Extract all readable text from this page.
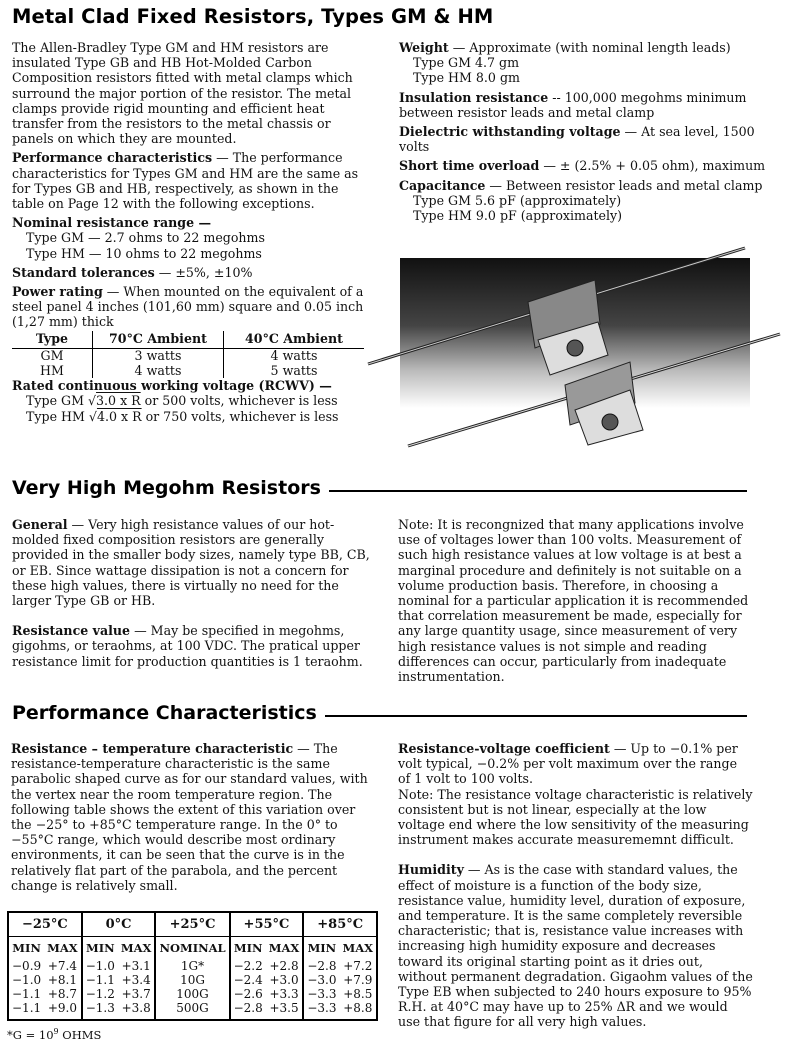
Metal Clad Fixed Resistors, Types GM & HM

The Allen-Bradley Type GM and HM resistors are insulated Type GB and HB Hot-Molded Carbon Composition resistors fitted with metal clamps which surround the major portion of the resistor. The metal clamps provide rigid mounting and efficient heat transfer from the resistors to the metal chassis or panels on which they are mounted.

Performance characteristics — The performance characteristics for Types GM and HM are the same as for Types GB and HB, respectively, as shown in the table on Page 12 with the following exceptions.

Nominal resistance range —
Type GM — 2.7 ohms to 22 megohms
Type HM — 10 ohms to 22 megohms

Standard tolerances — ±5%, ±10%

Power rating — When mounted on the equivalent of a steel panel 4 inches (101,60 mm) square and 0.05 inch (1,27 mm) thick

Type	70°C Ambient	40°C Ambient
GM	3 watts	4 watts
HM	4 watts	5 watts
Rated continuous working voltage (RCWV) —
Type GM √3.0 x R or 500 volts, whichever is less
Type HM √4.0 x R or 750 volts, whichever is less
Weight — Approximate (with nominal length leads)
Type GM 4.7 gm
Type HM 8.0 gm

Insulation resistance -- 100,000 megohms minimum between resistor leads and metal clamp

Dielectric withstanding voltage — At sea level, 1500 volts

Short time overload — ± (2.5% + 0.05 ohm), maximum

Capacitance — Between resistor leads and metal clamp
Type GM 5.6 pF (approximately)
Type HM 9.0 pF (approximately)
Very High Megohm Resistors

General — Very high resistance values of our hot-molded fixed composition resistors are generally provided in the smaller body sizes, namely type BB, CB, or EB. Since wattage dissipation is not a concern for these high values, there is virtually no need for the larger Type GB or HB.

Resistance value — May be specified in megohms, gigohms, or teraohms, at 100 VDC. The pratical upper resistance limit for production quantities is 1 teraohm.

Note: It is recongnized that many applications involve use of voltages lower than 100 volts. Measurement of such high resistance values at low voltage is at best a marginal procedure and definitely is not suitable on a volume production basis. Therefore, in choosing a nominal for a particular application it is recommended that correlation measurement be made, especially for any large quantity usage, since measurement of very high resistance values is not simple and reading differences can occur, particularly from inadequate instrumentation.

Performance Characteristics

Resistance – temperature characteristic — The resistance-temperature characteristic is the same parabolic shaped curve as for our standard values, with the vertex near the room temperature region. The following table shows the extent of this variation over the −25° to +85°C temperature range. In the 0° to −55°C range, which would describe most ordinary environments, it can be seen that the curve is in the relatively flat part of the parabola, and the percent change is relatively small.

−25°C		0°C		+25°C	+55°C		+85°C	
MIN	MAX	MIN	MAX	NOMINAL	MIN	MAX	MIN	MAX
−0.9	+7.4	−1.0	+3.1	1G*	−2.2	+2.8	−2.8	+7.2
−1.0	+8.1	−1.1	+3.4	10G	−2.4	+3.0	−3.0	+7.9
−1.1	+8.7	−1.2	+3.7	100G	−2.6	+3.3	−3.3	+8.5
−1.1	+9.0	−1.3	+3.8	500G	−2.8	+3.5	−3.3	+8.8
$*G = 10^9$ OHMS

Resistance-voltage coefficient — Up to −0.1% per volt typical, −0.2% per volt maximum over the range of 1 volt to 100 volts.

Note: The resistance voltage characteristic is relatively consistent but is not linear, especially at the low voltage end where the low sensitivity of the measuring instrument makes accurate measurememnt difficult.

Humidity — As is the case with standard values, the effect of moisture is a function of the body size, resistance value, humidity level, duration of exposure, and temperature. It is the same completely reversible characteristic; that is, resistance value increases with increasing high humidity exposure and decreases toward its original starting point as it dries out, without permanent degradation. Gigaohm values of the Type EB when subjected to 240 hours exposure to 95% R.H. at 40°C may have up to 25% ΔR and we would use that figure for all very high values.
